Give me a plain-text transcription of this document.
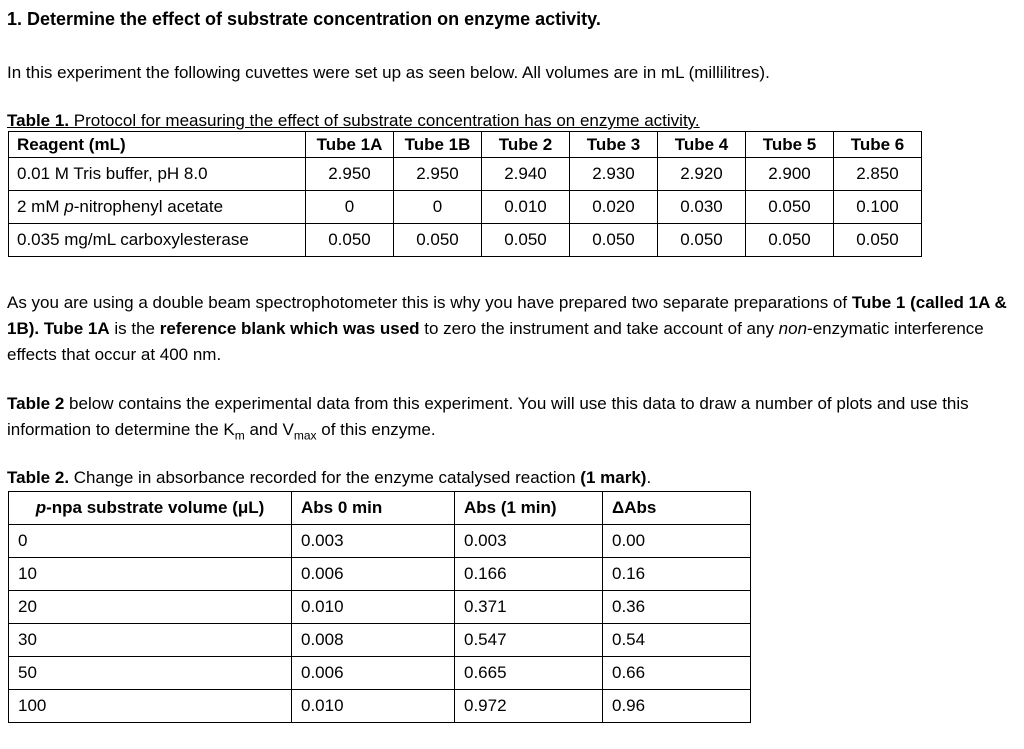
1. Determine the effect of substrate concentration on enzyme activity.
In this experiment the following cuvettes were set up as seen below. All volumes are in mL (millilitres).
Table 1. Protocol for measuring the effect of substrate concentration has on enzyme activity.
Reagent (mL)	Tube 1A	Tube 1B	Tube 2	Tube 3	Tube 4	Tube 5	Tube 6
0.01 M Tris buffer, pH 8.0	2.950	2.950	2.940	2.930	2.920	2.900	2.850
2 mM p-nitrophenyl acetate	0	0	0.010	0.020	0.030	0.050	0.100
0.035 mg/mL carboxylesterase	0.050	0.050	0.050	0.050	0.050	0.050	0.050
As you are using a double beam spectrophotometer this is why you have prepared two separate preparations of Tube 1 (called 1A & 1B). Tube 1A is the reference blank which was used to zero the instrument and take account of any non-enzymatic interference effects that occur at 400 nm.
Table 2 below contains the experimental data from this experiment. You will use this data to draw a number of plots and use this information to determine the $K_m$ and $V_{max}$ of this enzyme.
Table 2. Change in absorbance recorded for the enzyme catalysed reaction (1 mark).
p-npa substrate volume (μL)	Abs 0 min	Abs (1 min)	ΔAbs
0	0.003	0.003	0.00
10	0.006	0.166	0.16
20	0.010	0.371	0.36
30	0.008	0.547	0.54
50	0.006	0.665	0.66
100	0.010	0.972	0.96
